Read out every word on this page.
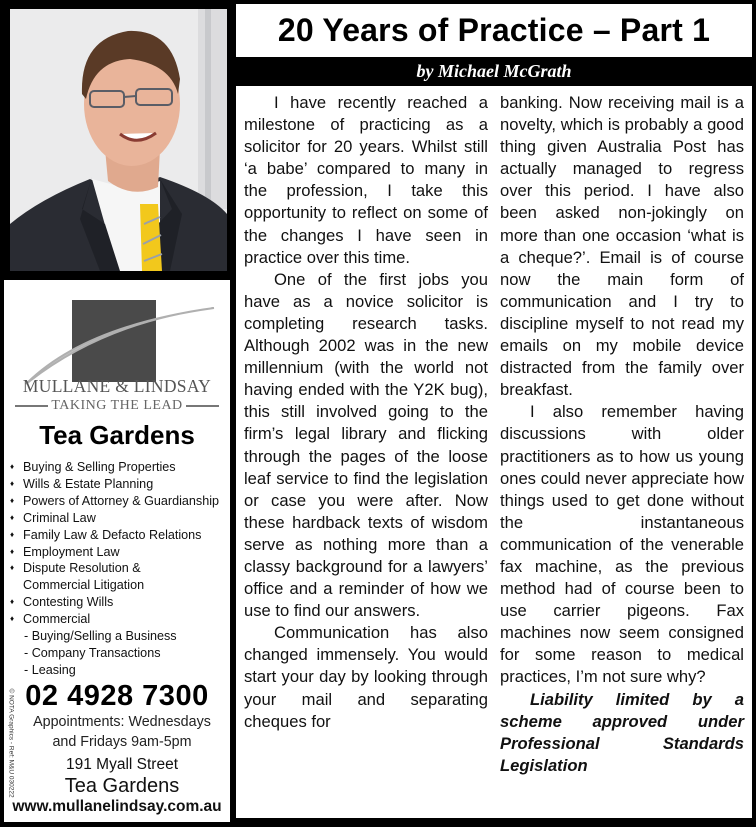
MULLANE & LINDSAY
TAKING THE LEAD
Tea Gardens
♦ Buying & Selling Properties
♦ Wills & Estate Planning
♦ Powers of Attorney & Guardianship
♦ Criminal Law
♦ Family Law & Defacto Relations
♦ Employment Law
♦ Dispute Resolution &
Commercial Litigation
♦ Contesting Wills
♦ Commercial
- Buying/Selling a Business
- Company Transactions
- Leasing
© NOTA Graphics - Ref: M&U 030222 02 4928 7300
Appointments: Wednesdays
and Fridays 9am-5pm
191 Myall Street
Tea Gardens
www.mullanelindsay.com.au
20 Years of Practice – Part 1
by Michael McGrath

I have recently reached a milestone of practicing as a solicitor for 20 years. Whilst still ‘a babe’ compared to many in the profession, I take this opportunity to reflect on some of the changes I have seen in practice over this time.

One of the first jobs you have as a novice solicitor is completing research tasks. Although 2002 was in the new millennium (with the world not having ended with the Y2K bug), this still involved going to the firm’s legal library and flicking through the pages of the loose leaf service to find the legislation or case you were after. Now these hardback texts of wisdom serve as nothing more than a classy background for a lawyers’ office and a reminder of how we use to find our answers.

Communication has also changed immensely. You would start your day by looking through your mail and separating cheques for

banking. Now receiving mail is a novelty, which is probably a good thing given Australia Post has actually managed to regress over this period. I have also been asked non-jokingly on more than one occasion ‘what is a cheque?’. Email is of course now the main form of communication and I try to discipline myself to not read my emails on my mobile device distracted from the family over breakfast.

I also remember having discussions with older practitioners as to how us young ones could never appreciate how things used to get done without the instantaneous communication of the venerable fax machine, as the previous method had of course been to use carrier pigeons. Fax machines now seem consigned for some reason to medical practices, I’m not sure why?

Liability limited by a scheme approved under Professional Standards Legislation
